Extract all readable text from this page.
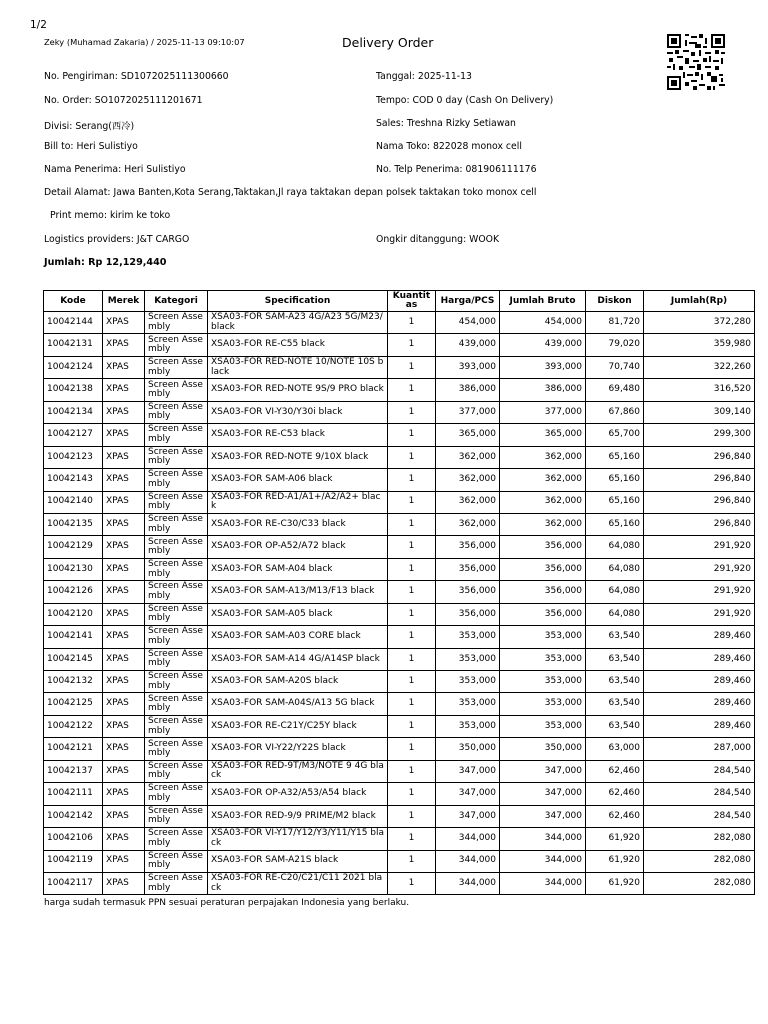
1/2
Zeky (Muhamad Zakaria) / 2025-11-13 09:10:07	Delivery Order
No. Pengiriman: SD1072025111300660	Tanggal: 2025-11-13
No. Order: SO1072025111201671	Tempo: COD 0 day (Cash On Delivery)
Divisi: Serang(西冷)	Sales: Treshna Rizky Setiawan
Bill to: Heri Sulistiyo	Nama Toko: 822028 monox cell
Nama Penerima: Heri Sulistiyo	No. Telp Penerima: 081906111176
Detail Alamat: Jawa Banten,Kota Serang,Taktakan,Jl raya taktakan depan polsek taktakan toko monox cell
Print memo: kirim ke toko
Logistics providers: J&T CARGO	Ongkir ditanggung: WOOK
Jumlah: Rp 12,129,440
Kode	Merek	Kategori	Specification	Kuantitas	Harga/PCS	Jumlah Bruto	Diskon	Jumlah(Rp)
10042144	XPAS	Screen Assembly	XSA03-FOR SAM-A23 4G/A23 5G/M23/black	1	454,000	454,000	81,720	372,280
10042131	XPAS	Screen Assembly	XSA03-FOR RE-C55 black	1	439,000	439,000	79,020	359,980
10042124	XPAS	Screen Assembly	XSA03-FOR RED-NOTE 10/NOTE 10S black	1	393,000	393,000	70,740	322,260
10042138	XPAS	Screen Assembly	XSA03-FOR RED-NOTE 9S/9 PRO black	1	386,000	386,000	69,480	316,520
10042134	XPAS	Screen Assembly	XSA03-FOR VI-Y30/Y30i black	1	377,000	377,000	67,860	309,140
10042127	XPAS	Screen Assembly	XSA03-FOR RE-C53 black	1	365,000	365,000	65,700	299,300
10042123	XPAS	Screen Assembly	XSA03-FOR RED-NOTE 9/10X black	1	362,000	362,000	65,160	296,840
10042143	XPAS	Screen Assembly	XSA03-FOR SAM-A06 black	1	362,000	362,000	65,160	296,840
10042140	XPAS	Screen Assembly	XSA03-FOR RED-A1/A1+/A2/A2+ black	1	362,000	362,000	65,160	296,840
10042135	XPAS	Screen Assembly	XSA03-FOR RE-C30/C33 black	1	362,000	362,000	65,160	296,840
10042129	XPAS	Screen Assembly	XSA03-FOR OP-A52/A72 black	1	356,000	356,000	64,080	291,920
10042130	XPAS	Screen Assembly	XSA03-FOR SAM-A04 black	1	356,000	356,000	64,080	291,920
10042126	XPAS	Screen Assembly	XSA03-FOR SAM-A13/M13/F13 black	1	356,000	356,000	64,080	291,920
10042120	XPAS	Screen Assembly	XSA03-FOR SAM-A05 black	1	356,000	356,000	64,080	291,920
10042141	XPAS	Screen Assembly	XSA03-FOR SAM-A03 CORE black	1	353,000	353,000	63,540	289,460
10042145	XPAS	Screen Assembly	XSA03-FOR SAM-A14 4G/A14SP black	1	353,000	353,000	63,540	289,460
10042132	XPAS	Screen Assembly	XSA03-FOR SAM-A20S black	1	353,000	353,000	63,540	289,460
10042125	XPAS	Screen Assembly	XSA03-FOR SAM-A04S/A13 5G black	1	353,000	353,000	63,540	289,460
10042122	XPAS	Screen Assembly	XSA03-FOR RE-C21Y/C25Y black	1	353,000	353,000	63,540	289,460
10042121	XPAS	Screen Assembly	XSA03-FOR VI-Y22/Y22S black	1	350,000	350,000	63,000	287,000
10042137	XPAS	Screen Assembly	XSA03-FOR RED-9T/M3/NOTE 9 4G black	1	347,000	347,000	62,460	284,540
10042111	XPAS	Screen Assembly	XSA03-FOR OP-A32/A53/A54 black	1	347,000	347,000	62,460	284,540
10042142	XPAS	Screen Assembly	XSA03-FOR RED-9/9 PRIME/M2 black	1	347,000	347,000	62,460	284,540
10042106	XPAS	Screen Assembly	XSA03-FOR VI-Y17/Y12/Y3/Y11/Y15 black	1	344,000	344,000	61,920	282,080
10042119	XPAS	Screen Assembly	XSA03-FOR SAM-A21S black	1	344,000	344,000	61,920	282,080
10042117	XPAS	Screen Assembly	XSA03-FOR RE-C20/C21/C11 2021 black	1	344,000	344,000	61,920	282,080
harga sudah termasuk PPN sesuai peraturan perpajakan Indonesia yang berlaku.
